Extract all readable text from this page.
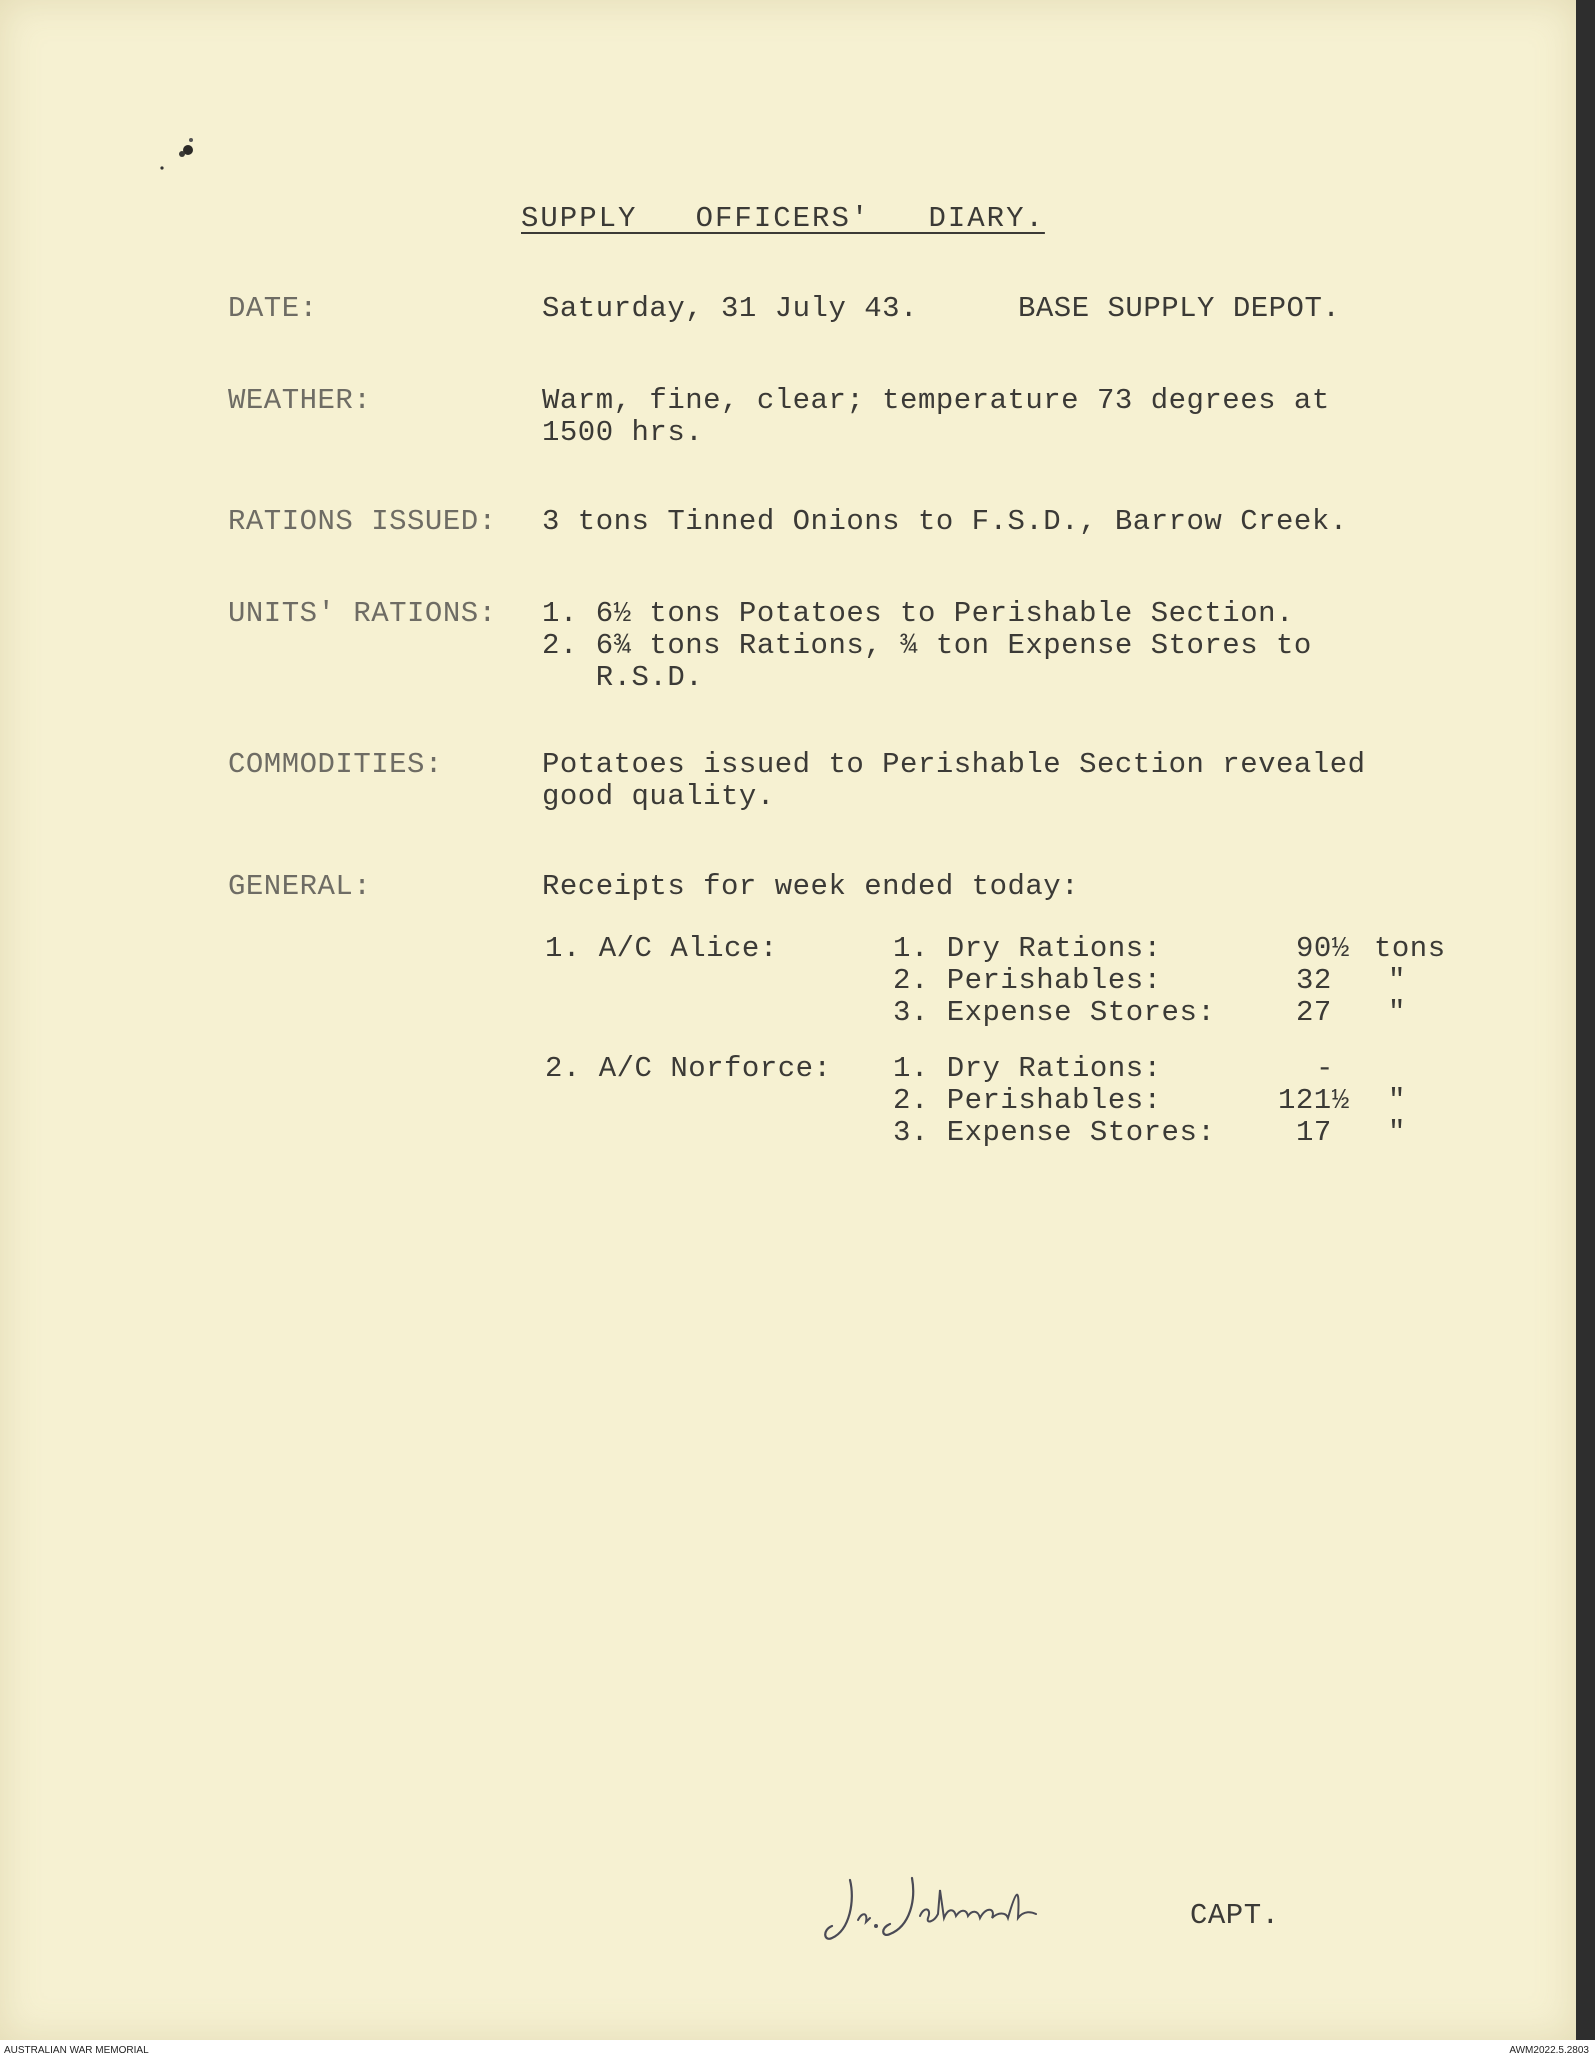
SUPPLY   OFFICERS'   DIARY.
DATE:	Saturday, 31 July 43.	BASE SUPPLY DEPOT.
WEATHER:	Warm, fine, clear; temperature 73 degrees at
1500 hrs.
RATIONS ISSUED: 3 tons Tinned Onions to F.S.D., Barrow Creek.
UNITS' RATIONS: 1. 6½ tons Potatoes to Perishable Section.
2. 6¾ tons Rations, ¾ ton Expense Stores to
R.S.D.
COMMODITIES:	Potatoes issued to Perishable Section revealed
good quality.
GENERAL:	Receipts for week ended today:
1. A/C Alice:	1. Dry Rations:	90½ tons
2. Perishables:	32 "
3. Expense Stores:	27 "
2. A/C Norforce: 1. Dry Rations:	-
2. Perishables:	121½ "
3. Expense Stores:	17 "
CAPT.
AUSTRALIAN WAR MEMORIAL	AWM2022.5.2803
